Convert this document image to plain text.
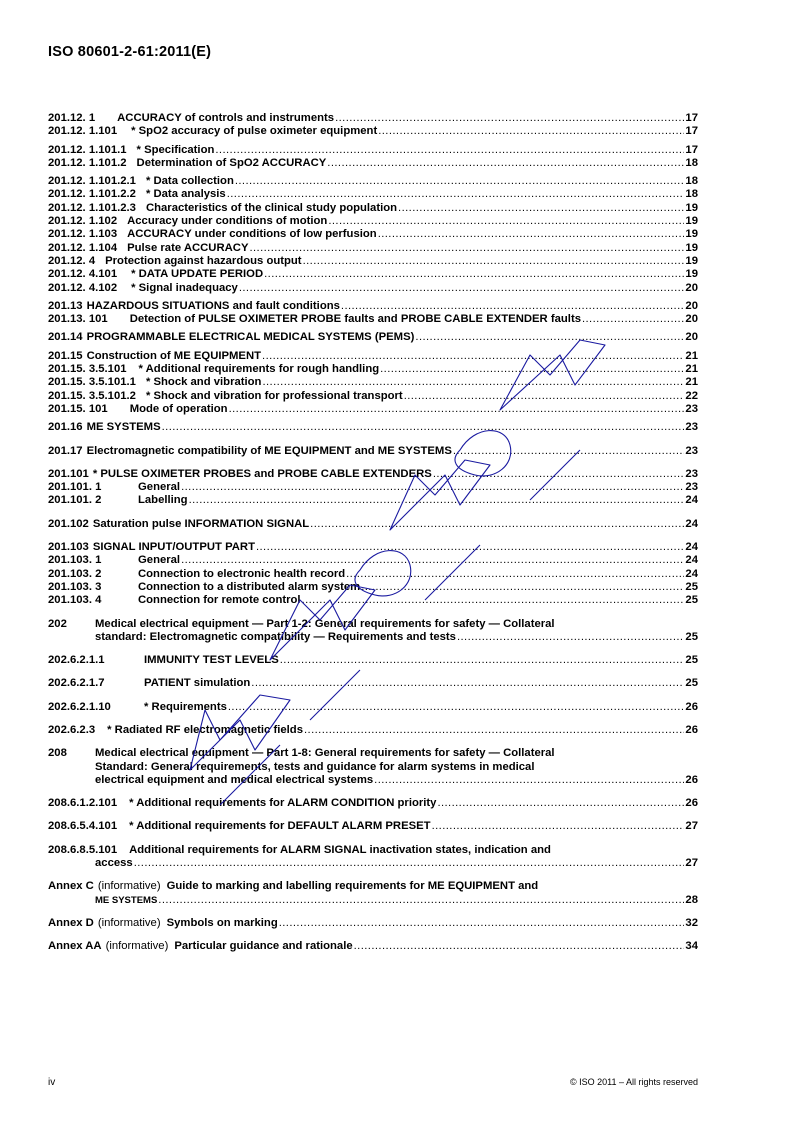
ISO 80601-2-61:2011(E)
201.12. 1	ACCURACY of controls and instruments .....	17
201.12. 1.101	* SpO2 accuracy of pulse oximeter equipment .....	17
201.12. 1.101.1 * Specification .....	17
201.12. 1.101.2 Determination of SpO2 ACCURACY .....	18
201.12. 1.101.2.1 * Data collection .....	18
201.12. 1.101.2.2 * Data analysis .....	18
201.12. 1.101.2.3 Characteristics of the clinical study population .....	19
201.12. 1.102 Accuracy under conditions of motion .....	19
201.12. 1.103 ACCURACY under conditions of low perfusion .....	19
201.12. 1.104 Pulse rate ACCURACY .....	19
201.12. 4 Protection against hazardous output .....	19
201.12. 4.101	* DATA UPDATE PERIOD .....	19
201.12. 4.102	* Signal inadequacy .....	20
201.13 HAZARDOUS SITUATIONS and fault conditions .....	20
201.13. 101	Detection of PULSE OXIMETER PROBE faults and PROBE CABLE EXTENDER faults .....	20
201.14 PROGRAMMABLE ELECTRICAL MEDICAL SYSTEMS (PEMS) .....	20
201.15 Construction of ME EQUIPMENT .....	21
201.15. 3.5.101	* Additional requirements for rough handling .....	21
201.15. 3.5.101.1 * Shock and vibration .....	21
201.15. 3.5.101.2 * Shock and vibration for professional transport .....	22
201.15. 101	Mode of operation .....	23
201.16 ME SYSTEMS .....	23
201.17 Electromagnetic compatibility of ME EQUIPMENT and ME SYSTEMS .....	23
201.101 * PULSE OXIMETER PROBES and PROBE CABLE EXTENDERS .....	23
201.101. 1	General .....	23
201.101. 2	Labelling .....	24
201.102 Saturation pulse INFORMATION SIGNAL .....	24
201.103 SIGNAL INPUT/OUTPUT PART .....	24
201.103. 1	General .....	24
201.103. 2	Connection to electronic health record .....	24
201.103. 3	Connection to a distributed alarm system .....	25
201.103. 4	Connection for remote control .....	25
202	Medical electrical equipment — Part 1-2: General requirements for safety — Collateral
standard: Electromagnetic compatibility — Requirements and tests .....	25
202.6.2.1.1	IMMUNITY TEST LEVELS .....	25
202.6.2.1.7	PATIENT simulation .....	25
202.6.2.1.10	* Requirements .....	26
202.6.2.3	* Radiated RF electromagnetic fields .....	26
208	Medical electrical equipment — Part 1-8: General requirements for safety — Collateral
Standard: General requirements, tests and guidance for alarm systems in medical
electrical equipment and medical electrical systems .....	26
208.6.1.2.101	* Additional requirements for ALARM CONDITION priority .....	26
208.6.5.4.101	* Additional requirements for DEFAULT ALARM PRESET .....	27
208.6.8.5.101	Additional requirements for ALARM SIGNAL inactivation states, indication and
access .....	27
Annex C (informative) Guide to marking and labelling requirements for ME EQUIPMENT and
ME SYSTEMS .....	28
Annex D (informative) Symbols on marking .....	32
Annex AA (informative) Particular guidance and rationale .....	34
iv	© ISO 2011 – All rights reserved
